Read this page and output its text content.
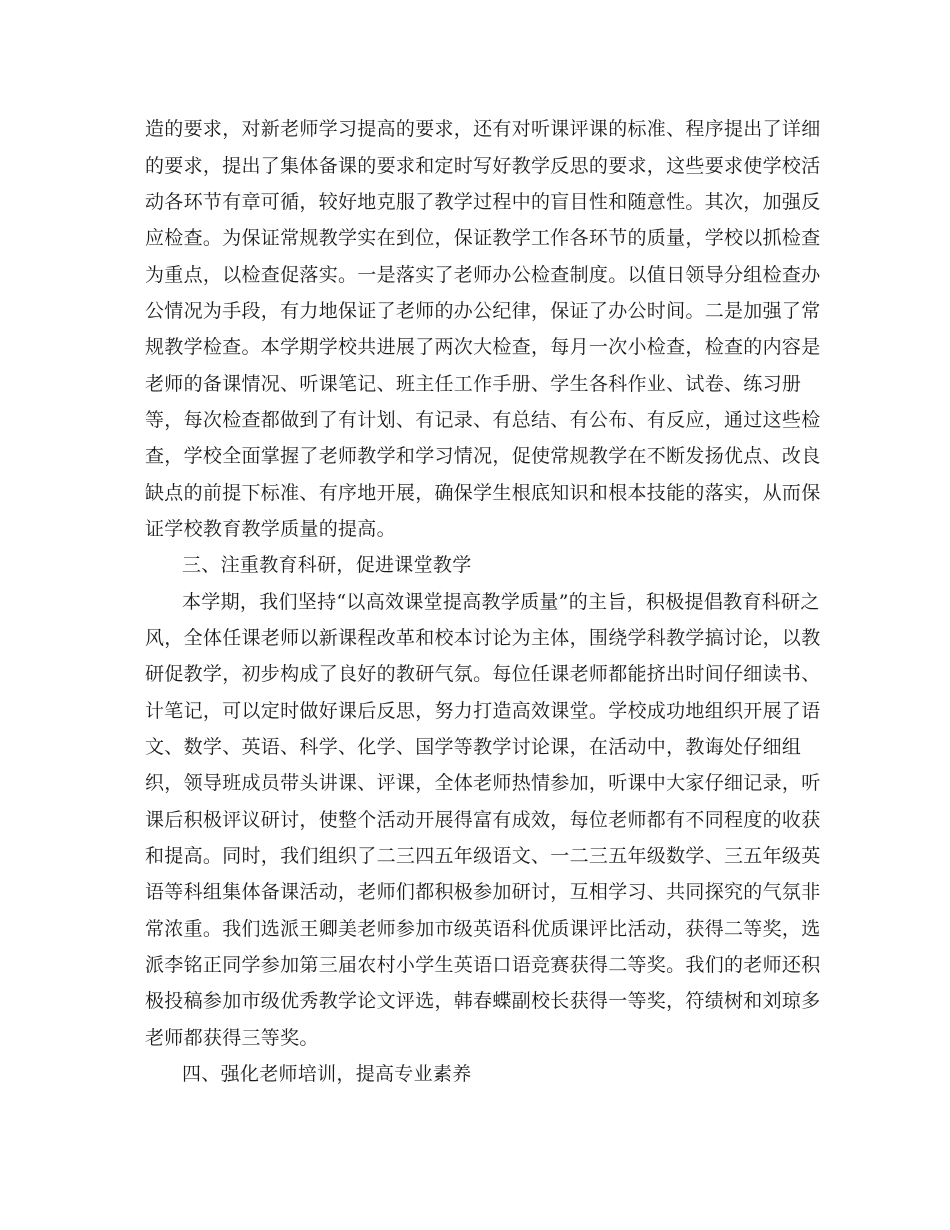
造的要求，对新老师学习提高的要求，还有对听课评课的标准、程序提出了详细
的要求，提出了集体备课的要求和定时写好教学反思的要求，这些要求使学校活
动各环节有章可循，较好地克服了教学过程中的盲目性和随意性。其次，加强反
应检查。为保证常规教学实在到位，保证教学工作各环节的质量，学校以抓检查
为重点，以检查促落实。一是落实了老师办公检查制度。以值日领导分组检查办
公情况为手段，有力地保证了老师的办公纪律，保证了办公时间。二是加强了常
规教学检查。本学期学校共进展了两次大检查，每月一次小检查，检查的内容是
老师的备课情况、听课笔记、班主任工作手册、学生各科作业、试卷、练习册
等，每次检查都做到了有计划、有记录、有总结、有公布、有反应，通过这些检
查，学校全面掌握了老师教学和学习情况，促使常规教学在不断发扬优点、改良
缺点的前提下标准、有序地开展，确保学生根底知识和根本技能的落实，从而保
证学校教育教学质量的提高。
三、注重教育科研，促进课堂教学
本学期，我们坚持“以高效课堂提高教学质量”的主旨，积极提倡教育科研之
风，全体任课老师以新课程改革和校本讨论为主体，围绕学科教学搞讨论，以教
研促教学，初步构成了良好的教研气氛。每位任课老师都能挤出时间仔细读书、
计笔记，可以定时做好课后反思，努力打造高效课堂。学校成功地组织开展了语
文、数学、英语、科学、化学、国学等教学讨论课，在活动中，教诲处仔细组
织，领导班成员带头讲课、评课，全体老师热情参加，听课中大家仔细记录，听
课后积极评议研讨，使整个活动开展得富有成效，每位老师都有不同程度的收获
和提高。同时，我们组织了二三四五年级语文、一二三五年级数学、三五年级英
语等科组集体备课活动，老师们都积极参加研讨，互相学习、共同探究的气氛非
常浓重。我们选派王卿美老师参加市级英语科优质课评比活动，获得二等奖，选
派李铭正同学参加第三届农村小学生英语口语竞赛获得二等奖。我们的老师还积
极投稿参加市级优秀教学论文评选，韩春蝶副校长获得一等奖，符绩树和刘琼多
老师都获得三等奖。
四、强化老师培训，提高专业素养
